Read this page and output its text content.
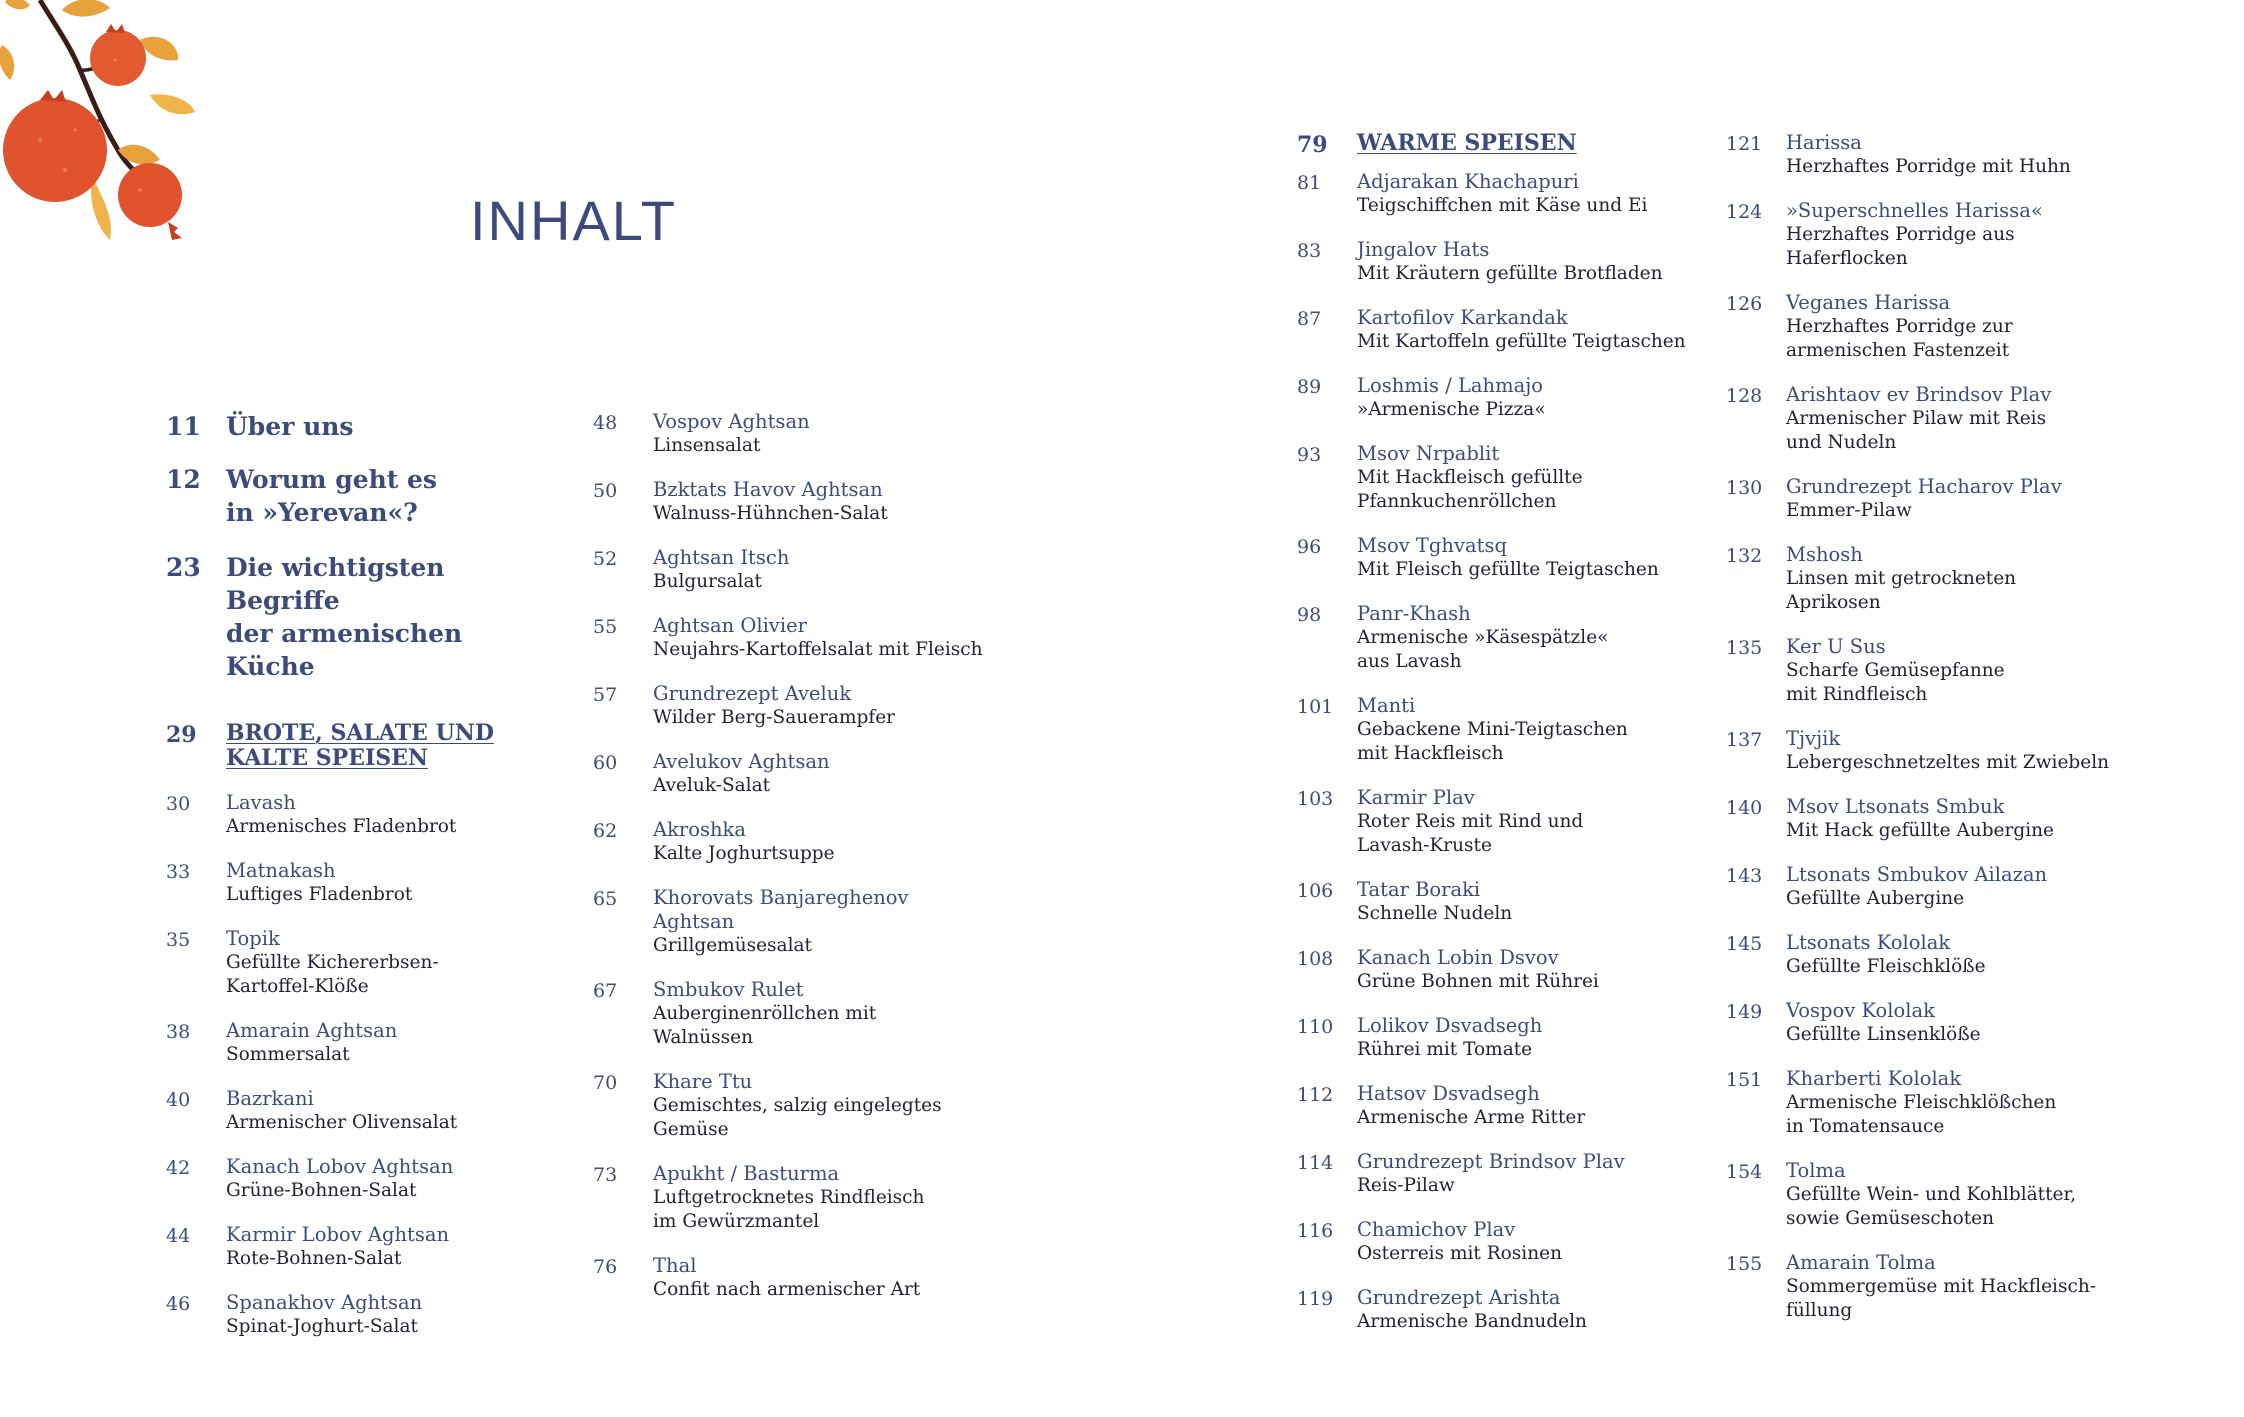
INHALT
11	Über uns
12	Worum geht es
in »Yerevan«?
23	Die wichtigsten Begriffe
der armenischen Küche
29	BROTE, SALATE UND
KALTE SPEISEN
30	Lavash
Armenisches Fladenbrot
33	Matnakash
Luftiges Fladenbrot
35	Topik
Gefüllte Kichererbsen-
Kartoffel-Klöße
38	Amarain Aghtsan
Sommersalat
40	Bazrkani
Armenischer Olivensalat
42	Kanach Lobov Aghtsan
Grüne-Bohnen-Salat
44	Karmir Lobov Aghtsan
Rote-Bohnen-Salat
46	Spanakhov Aghtsan
Spinat-Joghurt-Salat
48	Vospov Aghtsan
Linsensalat
50	Bzktats Havov Aghtsan
Walnuss-Hühnchen-Salat
52	Aghtsan Itsch
Bulgursalat
55	Aghtsan Olivier
Neujahrs-Kartoffelsalat mit Fleisch
57	Grundrezept Aveluk
Wilder Berg-Sauerampfer
60	Avelukov Aghtsan
Aveluk-Salat
62	Akroshka
Kalte Joghurtsuppe
65	Khorovats Banjareghenov
Aghtsan
Grillgemüsesalat
67	Smbukov Rulet
Auberginenröllchen mit
Walnüssen
70	Khare Ttu
Gemischtes, salzig eingelegtes
Gemüse
73	Apukht / Basturma
Luftgetrocknetes Rindfleisch
im Gewürzmantel
76	Thal
Confit nach armenischer Art
79	WARME SPEISEN
81	Adjarakan Khachapuri
Teigschiffchen mit Käse und Ei
83	Jingalov Hats
Mit Kräutern gefüllte Brotfladen
87	Kartofilov Karkandak
Mit Kartoffeln gefüllte Teigtaschen
89	Loshmis / Lahmajo
»Armenische Pizza«
93	Msov Nrpablit
Mit Hackfleisch gefüllte
Pfannkuchenröllchen
96	Msov Tghvatsq
Mit Fleisch gefüllte Teigtaschen
98	Panr-Khash
Armenische »Käsespätzle«
aus Lavash
101	Manti
Gebackene Mini-Teigtaschen
mit Hackfleisch
103	Karmir Plav
Roter Reis mit Rind und
Lavash-Kruste
106	Tatar Boraki
Schnelle Nudeln
108	Kanach Lobin Dsvov
Grüne Bohnen mit Rührei
110	Lolikov Dsvadsegh
Rührei mit Tomate
112	Hatsov Dsvadsegh
Armenische Arme Ritter
114	Grundrezept Brindsov Plav
Reis-Pilaw
116	Chamichov Plav
Osterreis mit Rosinen
119	Grundrezept Arishta
Armenische Bandnudeln
121	Harissa
Herzhaftes Porridge mit Huhn
124	»Superschnelles Harissa«
Herzhaftes Porridge aus
Haferflocken
126	Veganes Harissa
Herzhaftes Porridge zur
armenischen Fastenzeit
128	Arishtaov ev Brindsov Plav
Armenischer Pilaw mit Reis
und Nudeln
130	Grundrezept Hacharov Plav
Emmer-Pilaw
132	Mshosh
Linsen mit getrockneten
Aprikosen
135	Ker U Sus
Scharfe Gemüsepfanne
mit Rindfleisch
137	Tjvjik
Lebergeschnetzeltes mit Zwiebeln
140	Msov Ltsonats Smbuk
Mit Hack gefüllte Aubergine
143	Ltsonats Smbukov Ailazan
Gefüllte Aubergine
145	Ltsonats Kololak
Gefüllte Fleischklöße
149	Vospov Kololak
Gefüllte Linsenklöße
151	Kharberti Kololak
Armenische Fleischklößchen
in Tomatensauce
154	Tolma
Gefüllte Wein- und Kohlblätter,
sowie Gemüseschoten
155	Amarain Tolma
Sommergemüse mit Hackfleisch-
füllung
